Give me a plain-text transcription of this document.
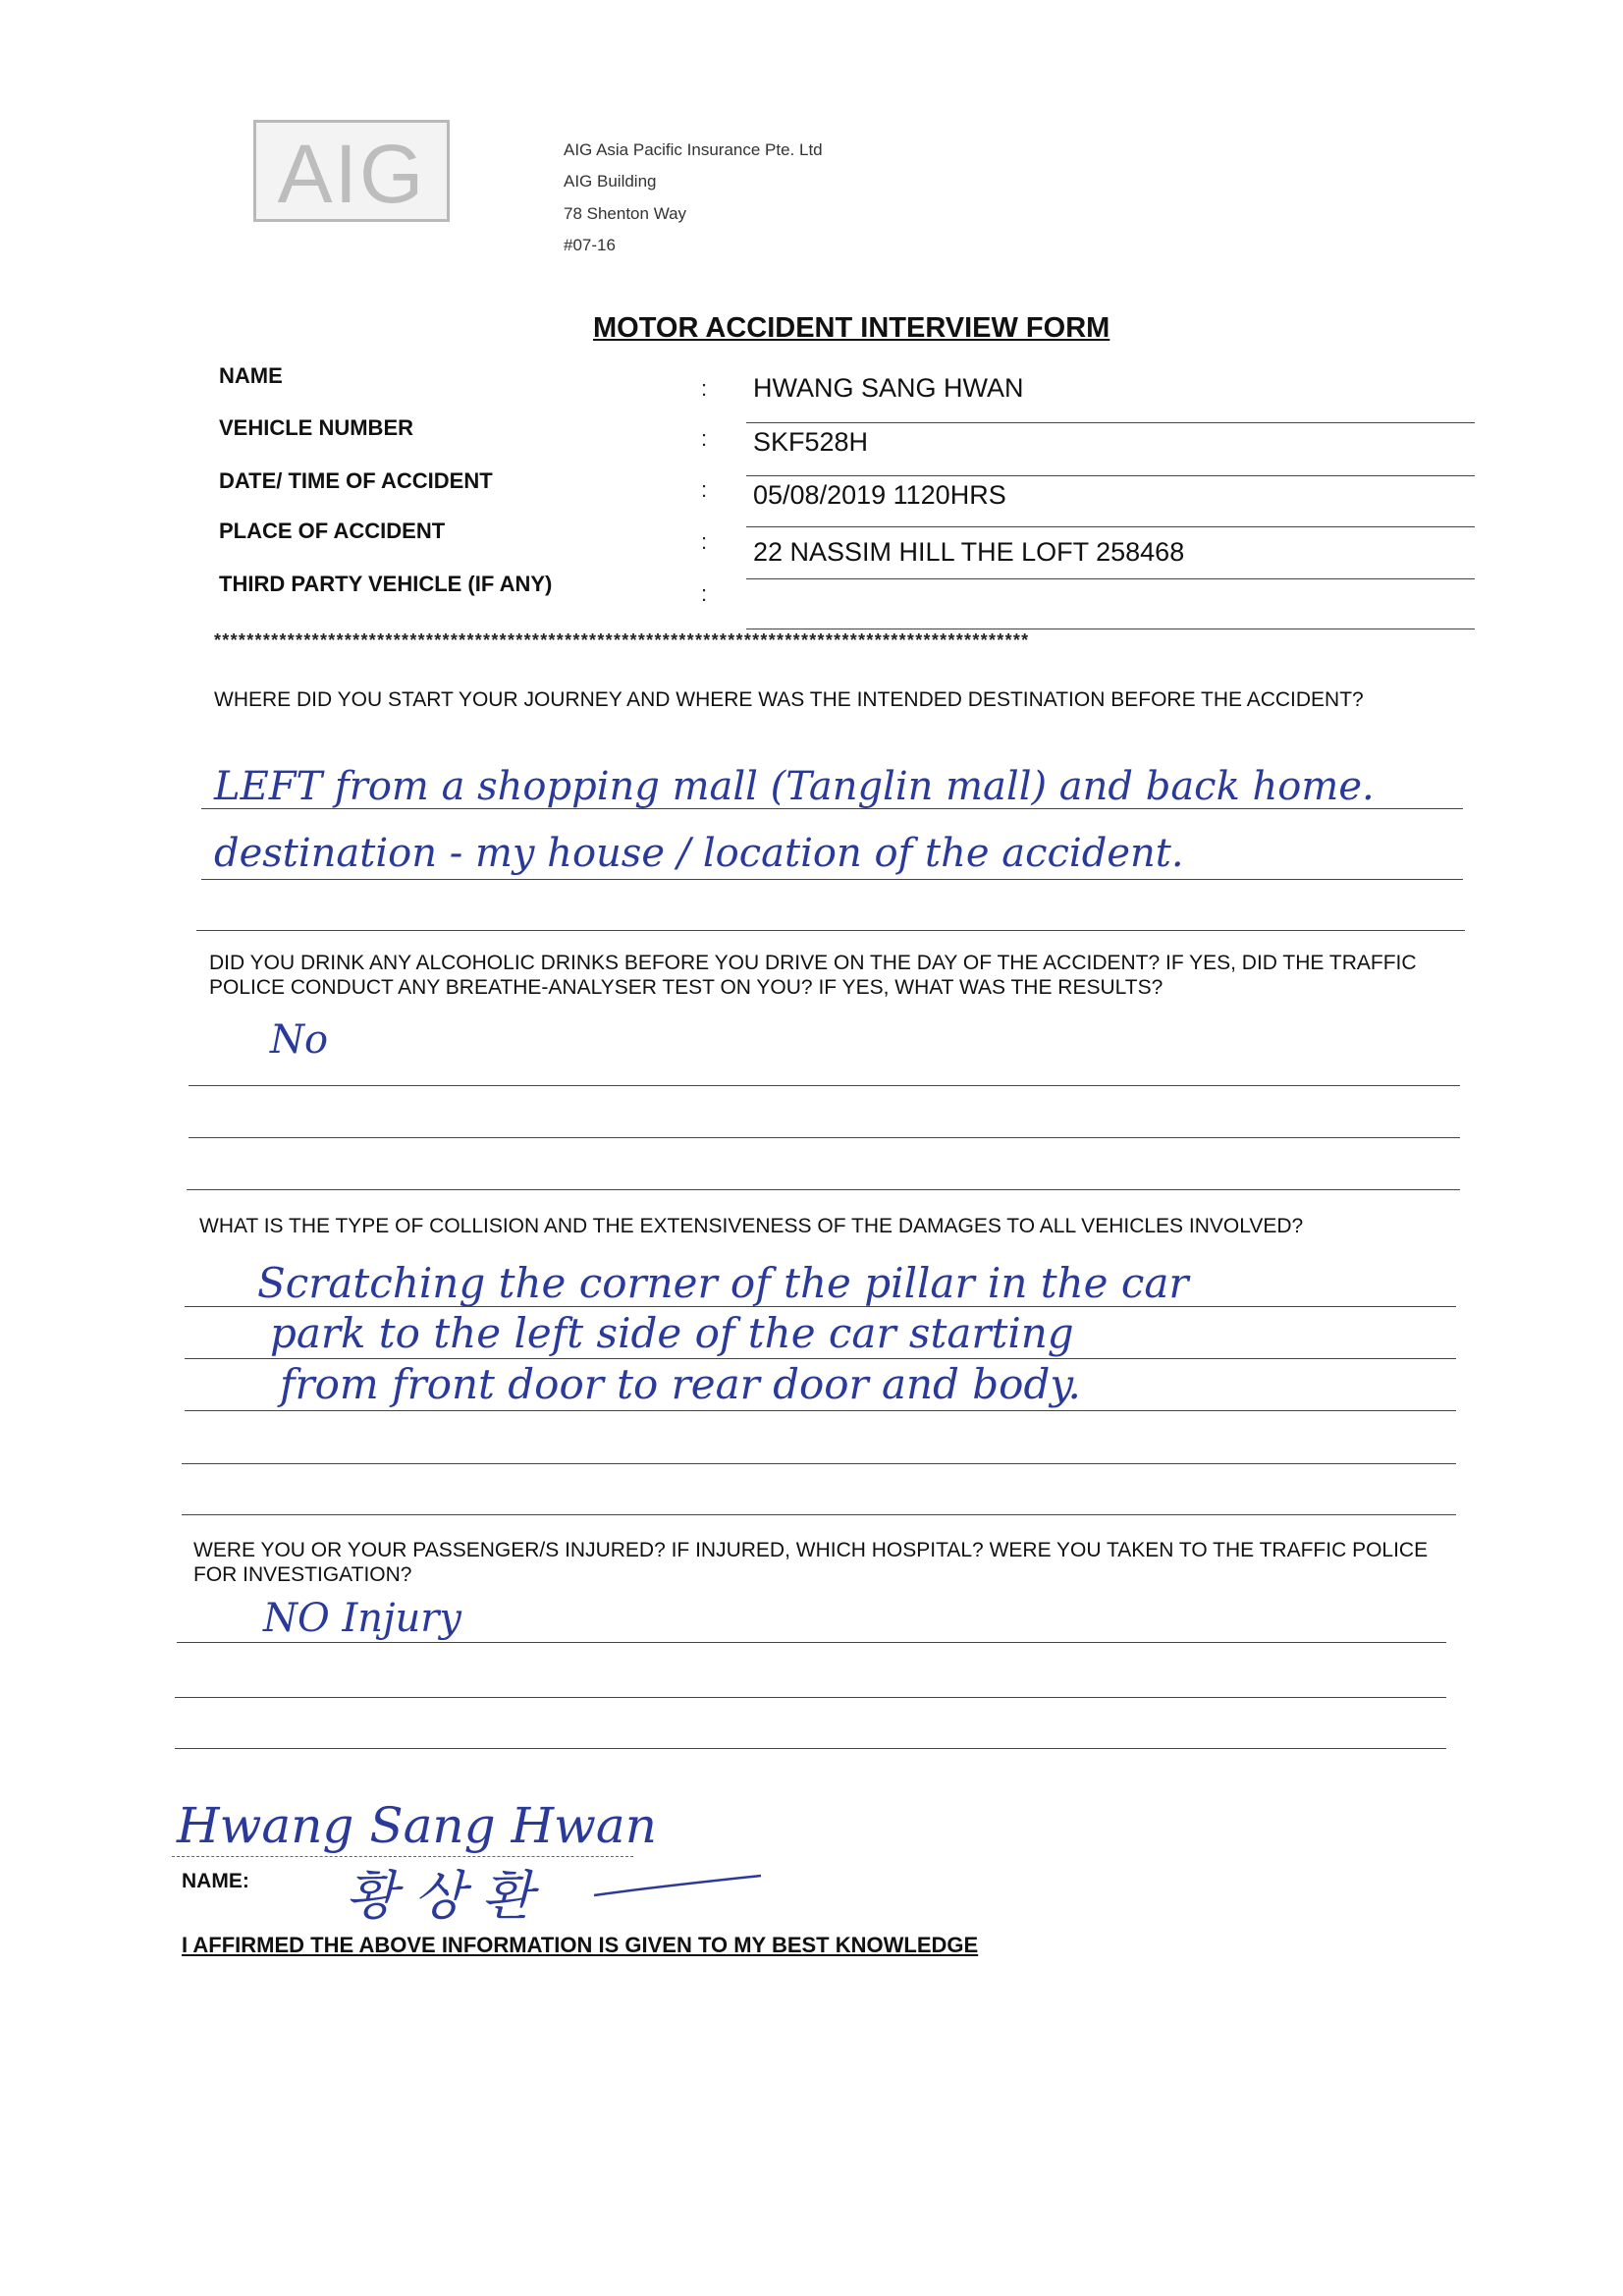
AIG	AIG Asia Pacific Insurance Pte. Ltd
AIG Building
78 Shenton Way
#07-16
MOTOR ACCIDENT INTERVIEW FORM
NAME
: HWANG SANG HWAN
VEHICLE NUMBER	: SKF528H
DATE/ TIME OF ACCIDENT	: 05/08/2019 1120HRS
PLACE OF ACCIDENT	: 22 NASSIM HILL THE LOFT 258468
THIRD PARTY VEHICLE (IF ANY)	:
****************************************************************************************************
WHERE DID YOU START YOUR JOURNEY AND WHERE WAS THE INTENDED DESTINATION BEFORE THE ACCIDENT?
LEFT from a shopping mall (Tanglin mall) and back home.
destination - my house / location of the accident.
DID YOU DRINK ANY ALCOHOLIC DRINKS BEFORE YOU DRIVE ON THE DAY OF THE ACCIDENT? IF YES, DID THE TRAFFIC POLICE CONDUCT ANY BREATHE-ANALYSER TEST ON YOU? IF YES, WHAT WAS THE RESULTS?
No
WHAT IS THE TYPE OF COLLISION AND THE EXTENSIVENESS OF THE DAMAGES TO ALL VEHICLES INVOLVED?
Scratching the corner of the pillar in the car
park to the left side of the car starting
from front door to rear door and body.
WERE YOU OR YOUR PASSENGER/S INJURED? IF INJURED, WHICH HOSPITAL? WERE YOU TAKEN TO THE TRAFFIC POLICE FOR INVESTIGATION?
NO Injury
Hwang Sang Hwan
NAME: 황 상 환
I AFFIRMED THE ABOVE INFORMATION IS GIVEN TO MY BEST KNOWLEDGE
